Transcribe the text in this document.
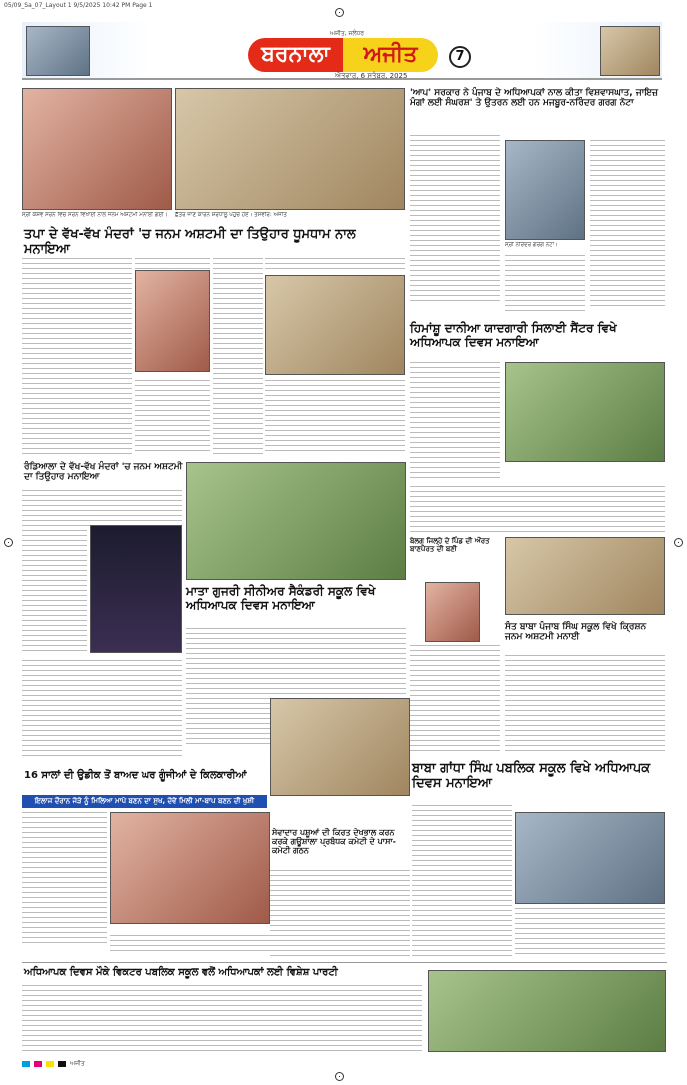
05/09_Sa_07_Layout 1 9/5/2025 10:42 PM Page 1
ਅਜੀਤ, ਜਲੰਧਰ
ਬਰਨਾਲਾ	ਅਜੀਤ	7
ਐਤਵਾਰ, 6 ਸਤੰਬਰ, 2025
ਸ੍ਰੀ ਕੇਸ਼ਵ ਸਰਨ ਵਿਚ ਸਰਨ ਵਿਖਾਈ ਨਾਲ ਜਨਮ ਅਸ਼ਟਮੀ ਮਨਾਈ ਗਈ।	ਛੱਤਰ ਜਾਣ ਕਾਰਨ ਸ਼ਰਧਾਲੂ ਪਹੁੰਚੇ ਹੋਏ। ਤਸਵੀਰ: ਅਜੀਤ
ਤਪਾ ਦੇ ਵੱਖ-ਵੱਖ ਮੰਦਰਾਂ 'ਚ ਜਨਮ ਅਸ਼ਟਮੀ ਦਾ ਤਿਉਹਾਰ ਧੂਮਧਾਮ ਨਾਲ ਮਨਾਇਆ
'ਆਪ' ਸਰਕਾਰ ਨੇ ਪੰਜਾਬ ਦੇ ਅਧਿਆਪਕਾਂ ਨਾਲ ਕੀਤਾ ਵਿਸ਼ਵਾਸਘਾਤ, ਜਾਇਜ਼ ਮੰਗਾਂ ਲਈ ਸੰਘਰਸ਼' ਤੇ ਉਤਰਨ ਲਈ ਹਨ ਮਜਬੂਰ-ਨਰਿੰਦਰ ਗਰਗ ਨੋਟਾ
ਸ੍ਰੀ ਨਰਿੰਦਰ ਗਰਗ ਨੋਟਾ।
ਹਿਮਾਂਸ਼ੂ ਦਾਨੀਆ ਯਾਦਗਾਰੀ ਸਿਲਾਈ ਸੈਂਟਰ ਵਿਖੇ ਅਧਿਆਪਕ ਦਿਵਸ ਮਨਾਇਆ
ਰੰਡਿਆਲਾ ਦੇ ਵੱਖ-ਵੱਖ ਮੰਦਰਾਂ 'ਚ ਜਨਮ ਅਸ਼ਟਮੀ ਦਾ ਤਿਉਹਾਰ ਮਨਾਇਆ
ਮਾਤਾ ਗੁਜਰੀ ਸੀਨੀਅਰ ਸੈਕੰਡਰੀ ਸਕੂਲ ਵਿਖੇ ਅਧਿਆਪਕ ਦਿਵਸ ਮਨਾਇਆ
ਬੇਲਗ ਜਿਲ੍ਹੇ ਦੇ ਪਿੰਡ ਦੀ ਔਰਤ ਬਾਣਪੈਰਤ ਦੀ ਬਣੀ
ਸੰਤ ਬਾਬਾ ਪੰਜਾਬ ਸਿੰਘ ਸਕੂਲ ਵਿਖੇ ਕ੍ਰਿਸ਼ਨ ਜਨਮ ਅਸ਼ਟਮੀ ਮਨਾਈ
16 ਸਾਲਾਂ ਦੀ ਉਡੀਕ ਤੋਂ ਬਾਅਦ ਘਰ ਗੂੰਜੀਆਂ ਦੇ ਕਿਲਕਾਰੀਆਂ
ਇਲਾਜ ਦੌਰਾਨ ਜੋੜੇ ਨੂੰ ਮਿਲਿਆ ਮਾਪੇ ਬਣਨ ਦਾ ਸੁਖ, ਦੋਵੇਂ ਮਿਲੀ ਮਾਂ-ਬਾਪ ਬਣਨ ਦੀ ਖੁਸ਼ੀ
ਸੇਵਾਦਾਰ ਪਸ਼ੂਆਂ ਦੀ ਕਿਰਤ ਦੇਖਭਾਲ ਕਰਨ ਕਰਕੇ ਗਊਸ਼ਾਲਾ ਪ੍ਰਬੰਧਕ ਕਮੇਟੀ ਦੇ ਪਾਸਾ-ਕਮੇਟੀ ਗਠਨ
ਬਾਬਾ ਗਾਂਧਾ ਸਿੰਘ ਪਬਲਿਕ ਸਕੂਲ ਵਿਖੇ ਅਧਿਆਪਕ ਦਿਵਸ ਮਨਾਇਆ
ਅਧਿਆਪਕ ਦਿਵਸ ਮੌਕੇ ਵਿਕਟਰ ਪਬਲਿਕ ਸਕੂਲ ਵਲੋਂ ਅਧਿਆਪਕਾਂ ਲਈ ਵਿਸ਼ੇਸ਼ ਪਾਰਟੀ
ਅਜੀਤ
